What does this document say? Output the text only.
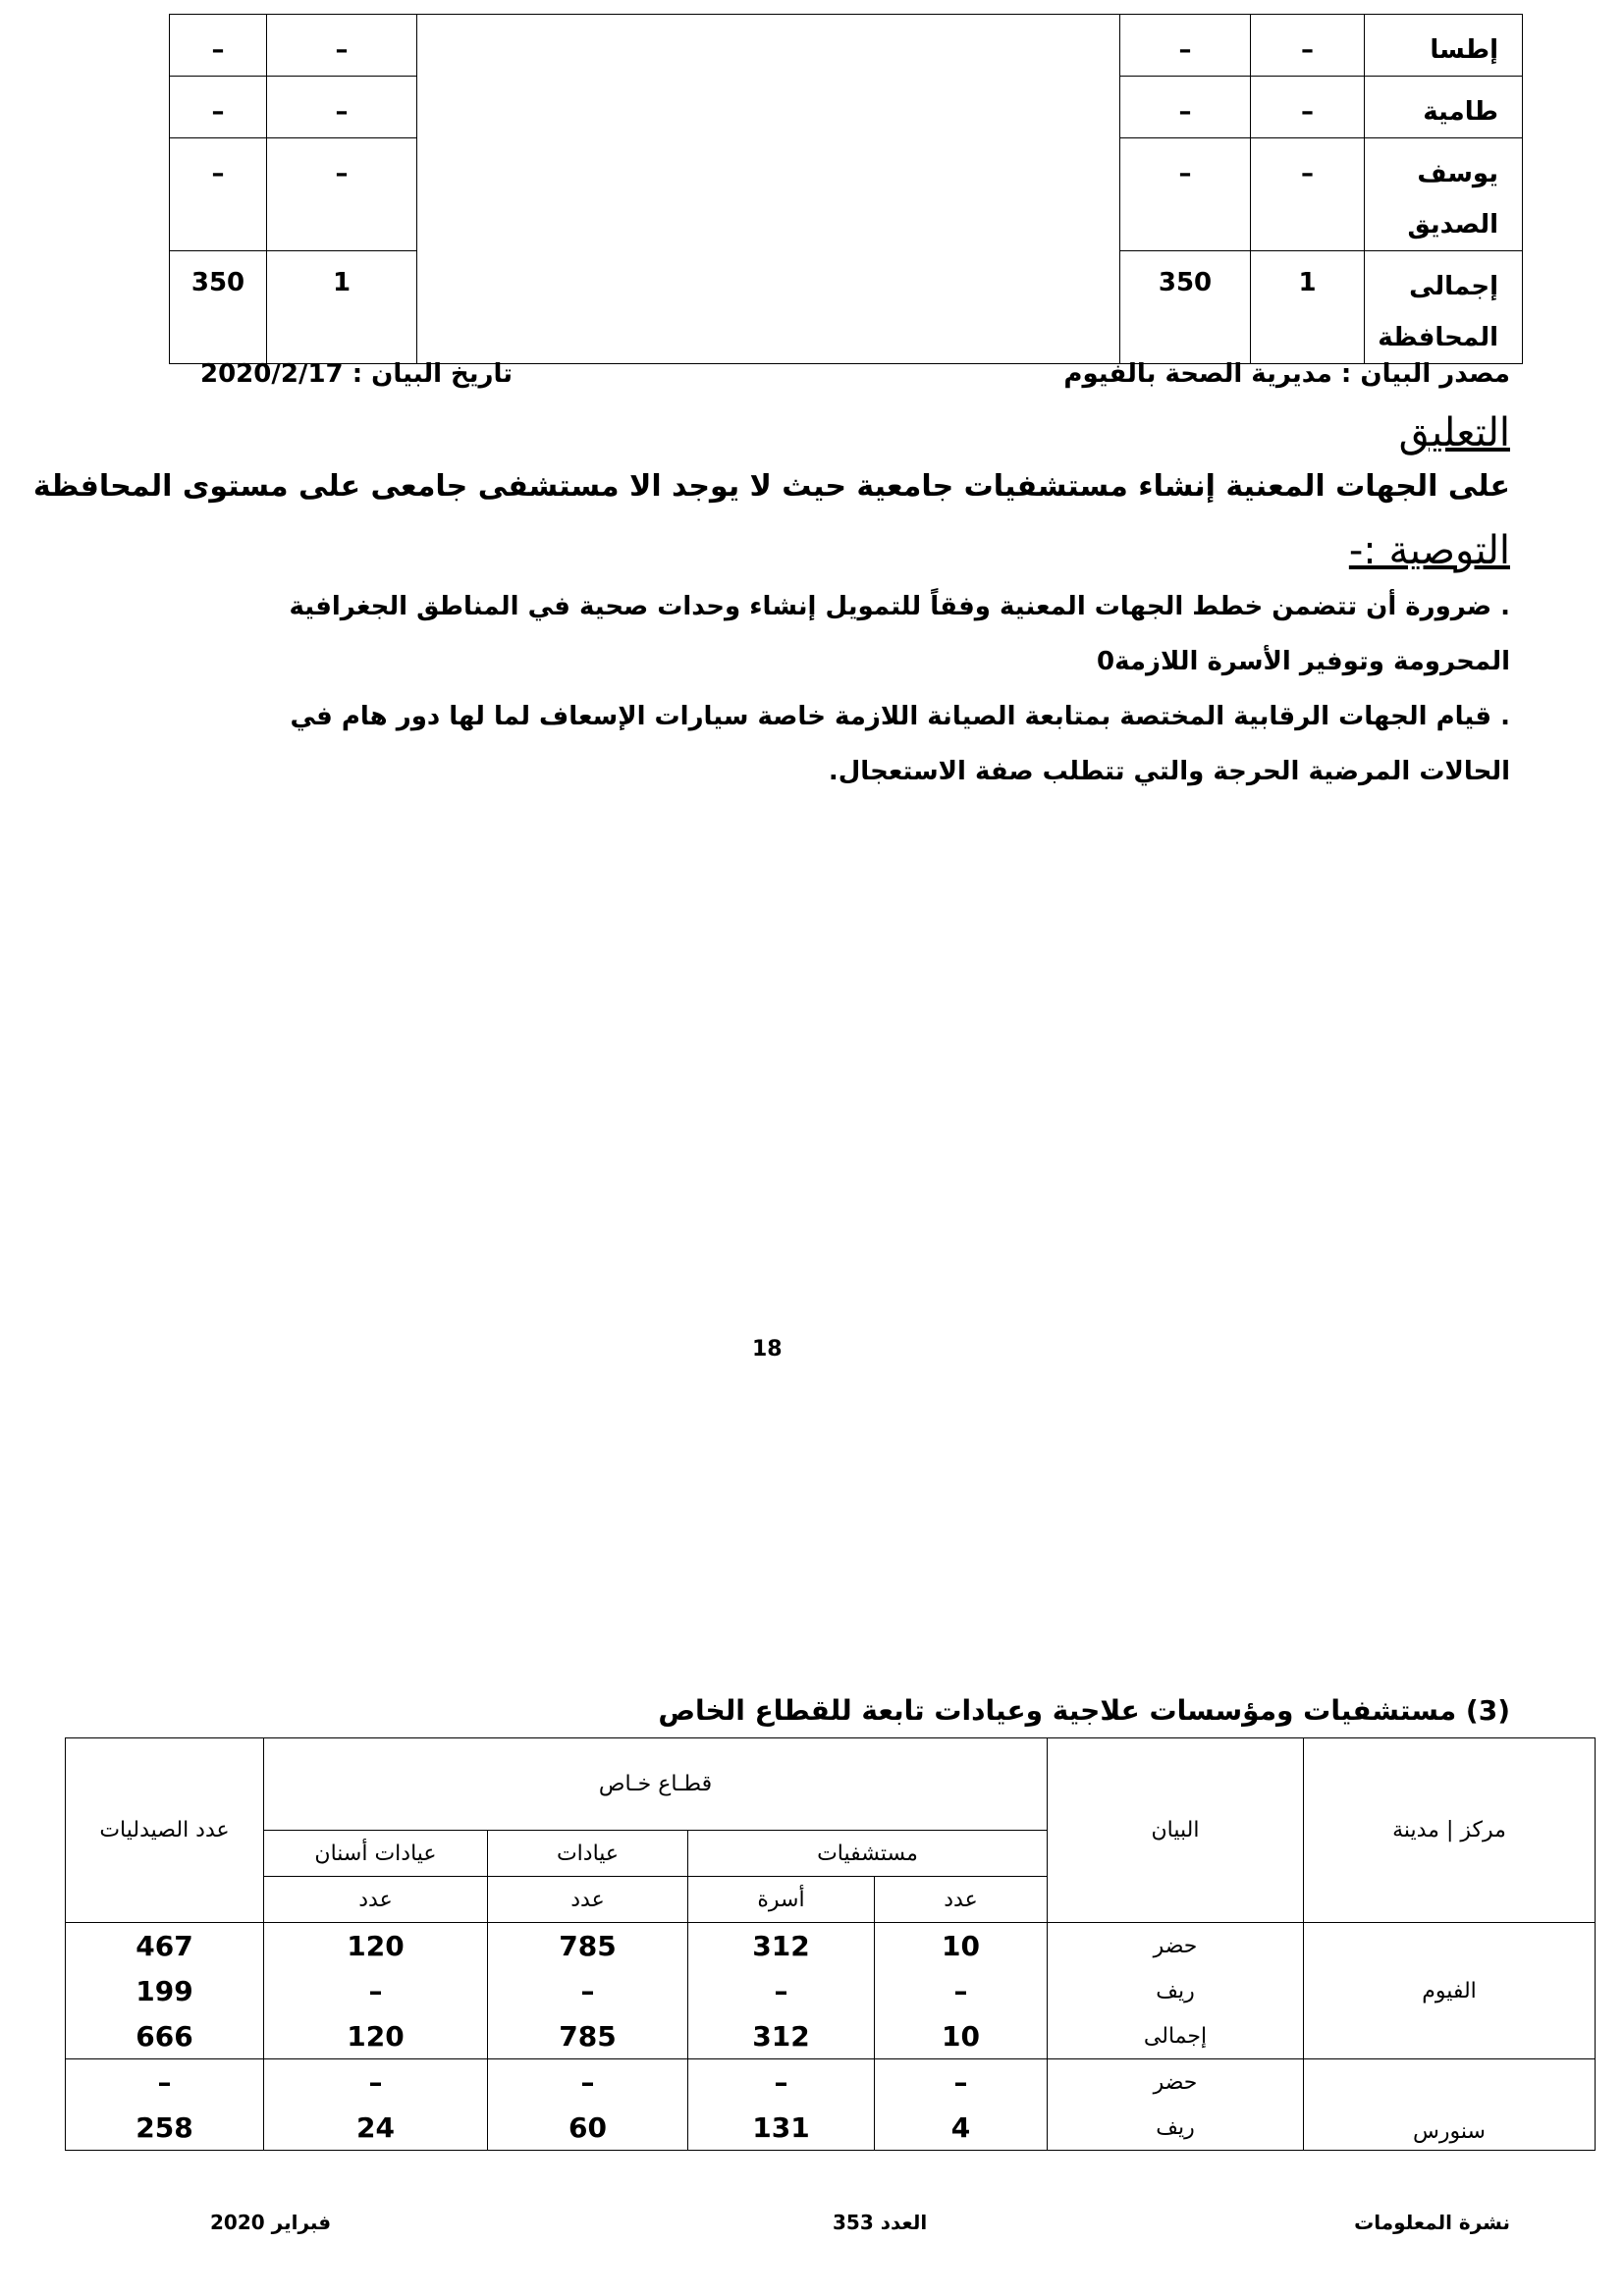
–	–		–	–	إطسا
–	–		–	–	طامية
–	–		–	–	يوسف الصديق
350	1		350	1	إجمالى المحافظة
مصدر البيان : مديرية الصحة بالفيوم
تاريخ البيان : 2020/2/17
التعليق
على الجهات المعنية إنشاء مستشفيات جامعية حيث لا يوجد الا مستشفى جامعى على مستوى المحافظة
التوصية :-
. ضرورة أن تتضمن خطط الجهات المعنية وفقاً للتمويل إنشاء وحدات صحية في المناطق الجغرافية المحرومة وتوفير الأسرة اللازمة0
. قيام الجهات الرقابية المختصة بمتابعة الصيانة اللازمة خاصة سيارات الإسعاف لما لها دور هام في الحالات المرضية الحرجة والتي تتطلب صفة الاستعجال.
18
(3) مستشفيات ومؤسسات علاجية وعيادات تابعة للقطاع الخاص
عدد الصيدليات	قطـاع خـاص				البيان	مركز | مدينة
	عيادات أسنان	عيادات	مستشفيات			
	عدد	عدد	أسرة	عدد		
467	120	785	312	10	حضر	الفيوم
199	–	–	–	–	ريف	
666	120	785	312	10	إجمالى	
–	–	–	–	–	حضر	سنورس
258	24	60	131	4	ريف	
فبراير 2020	العدد 353	نشرة المعلومات
